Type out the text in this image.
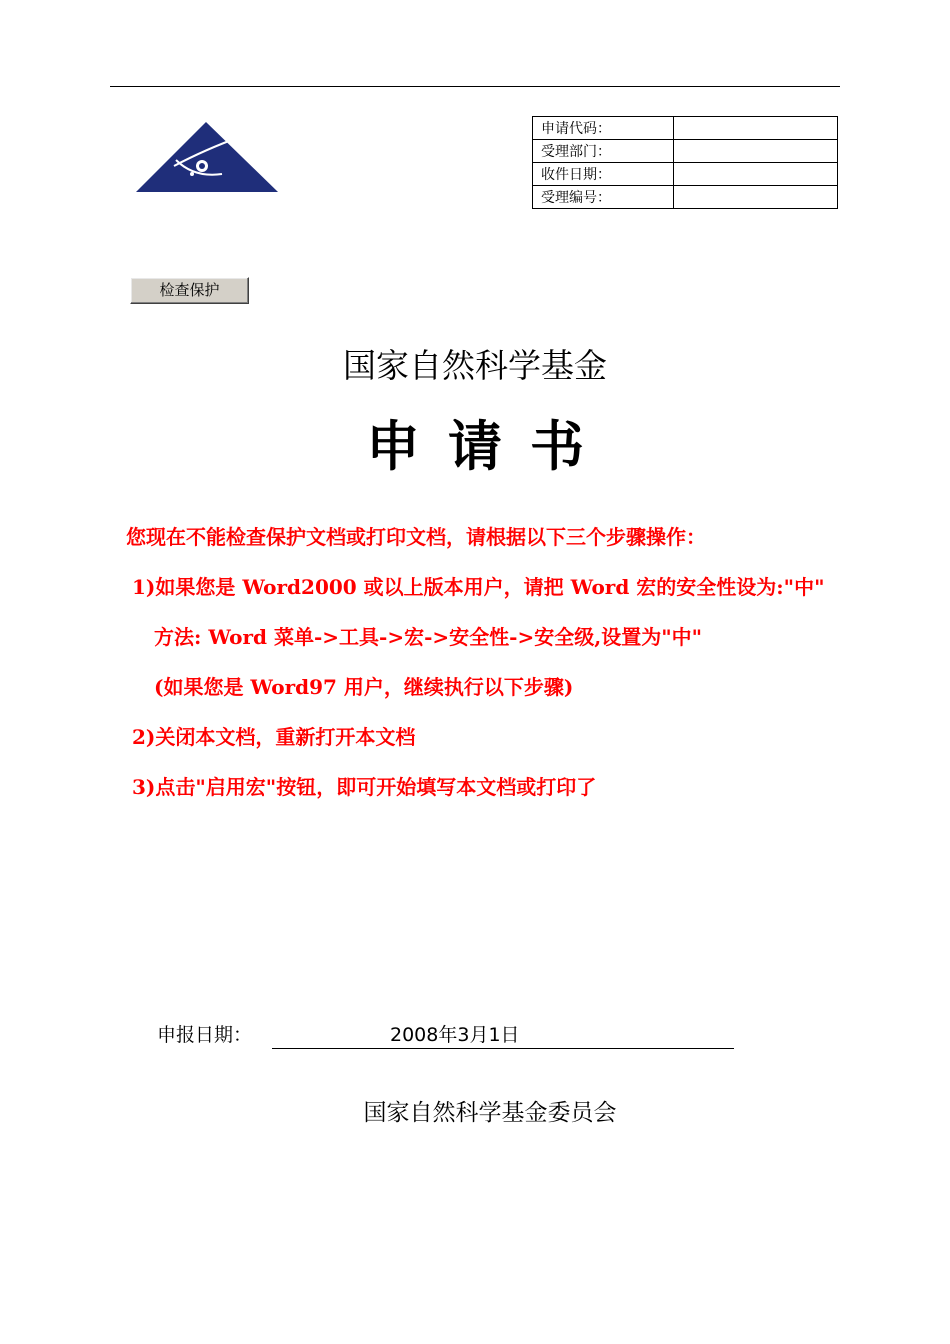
申请代码：	
受理部门：	
收件日期：	
受理编号：	
检查保护
国家自然科学基金
申请书

您现在不能检查保护文档或打印文档，请根据以下三个步骤操作：

1)如果您是 Word2000 或以上版本用户，请把 Word 宏的安全性设为:"中"

方法: Word 菜单->工具->宏->安全性->安全级,设置为"中"

(如果您是 Word97 用户，继续执行以下步骤)

2)关闭本文档，重新打开本文档

3)点击"启用宏"按钮，即可开始填写本文档或打印了

申报日期：	2008年3月1日
国家自然科学基金委员会
